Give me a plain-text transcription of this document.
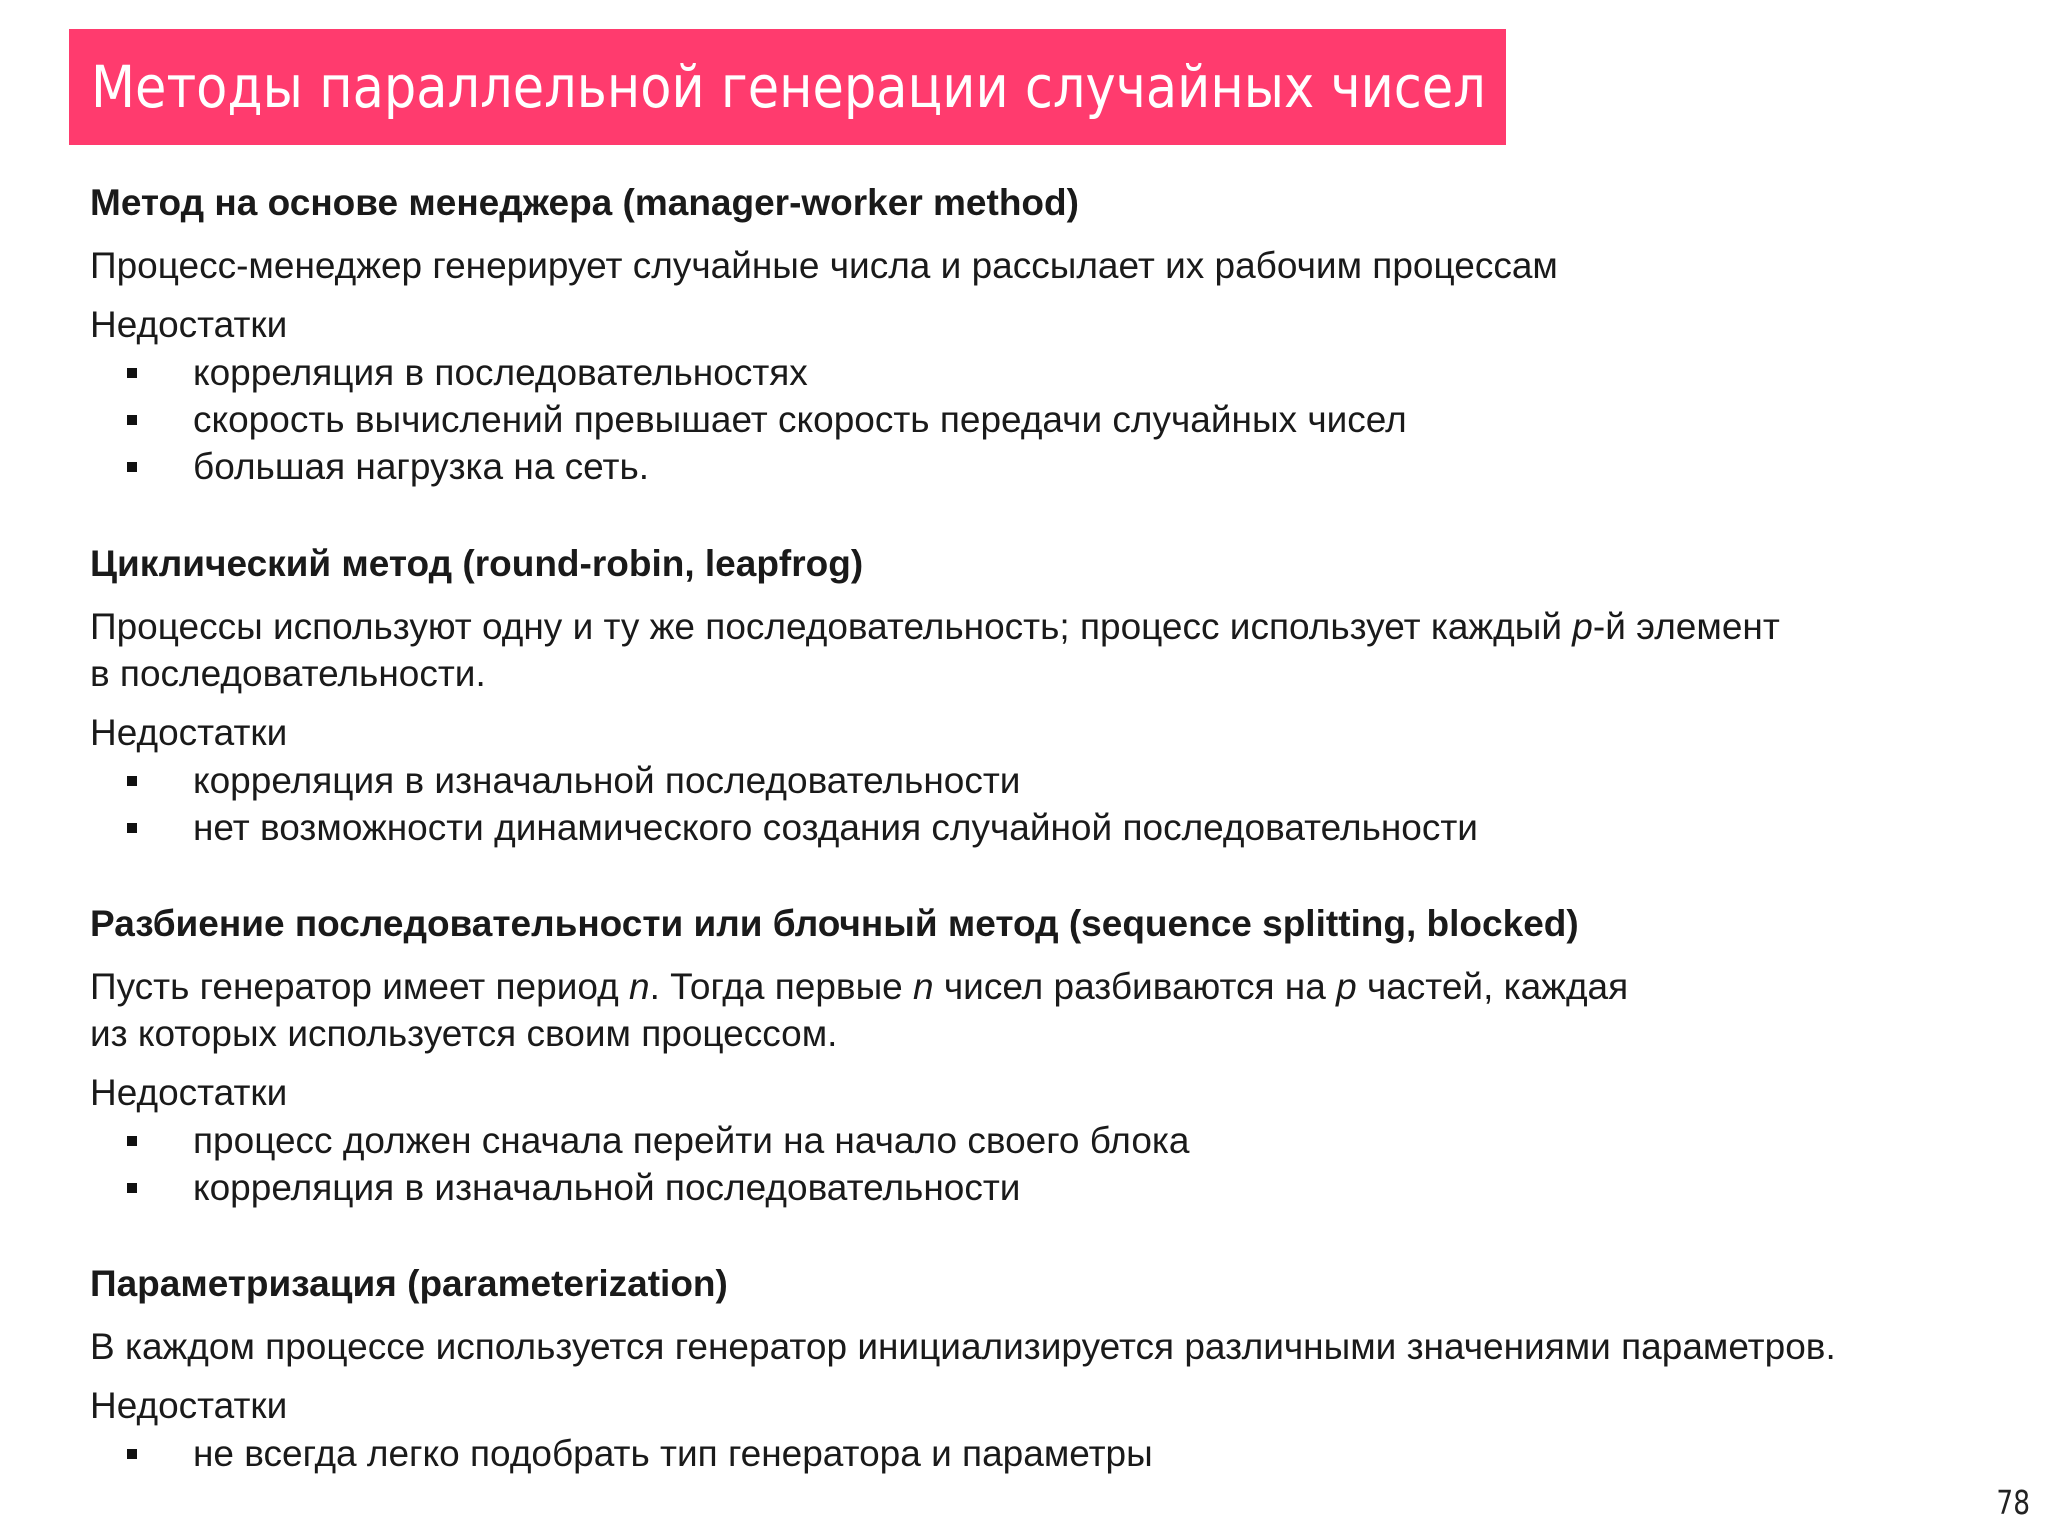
Методы параллельной генерации случайных чисел
Метод на основе менеджера (manager-worker method)
Процесс-менеджер генерирует случайные числа и рассылает их рабочим процессам
Недостатки
корреляция в последовательностях
скорость вычислений превышает скорость передачи случайных чисел
большая нагрузка на сеть.
Циклический метод (round-robin, leapfrog)
Процессы используют одну и ту же последовательность; процесс использует каждый p-й элемент
в последовательности.
Недостатки
корреляция в изначальной последовательности
нет возможности динамического создания случайной последовательности
Разбиение последовательности или блочный метод (sequence splitting, blocked)
Пусть генератор имеет период n. Тогда первые n чисел разбиваются на p частей, каждая
из которых используется своим процессом.
Недостатки
процесс должен сначала перейти на начало своего блока
корреляция в изначальной последовательности
Параметризация (parameterization)
В каждом процессе используется генератор инициализируется различными значениями параметров.
Недостатки
не всегда легко подобрать тип генератора и параметры
78
